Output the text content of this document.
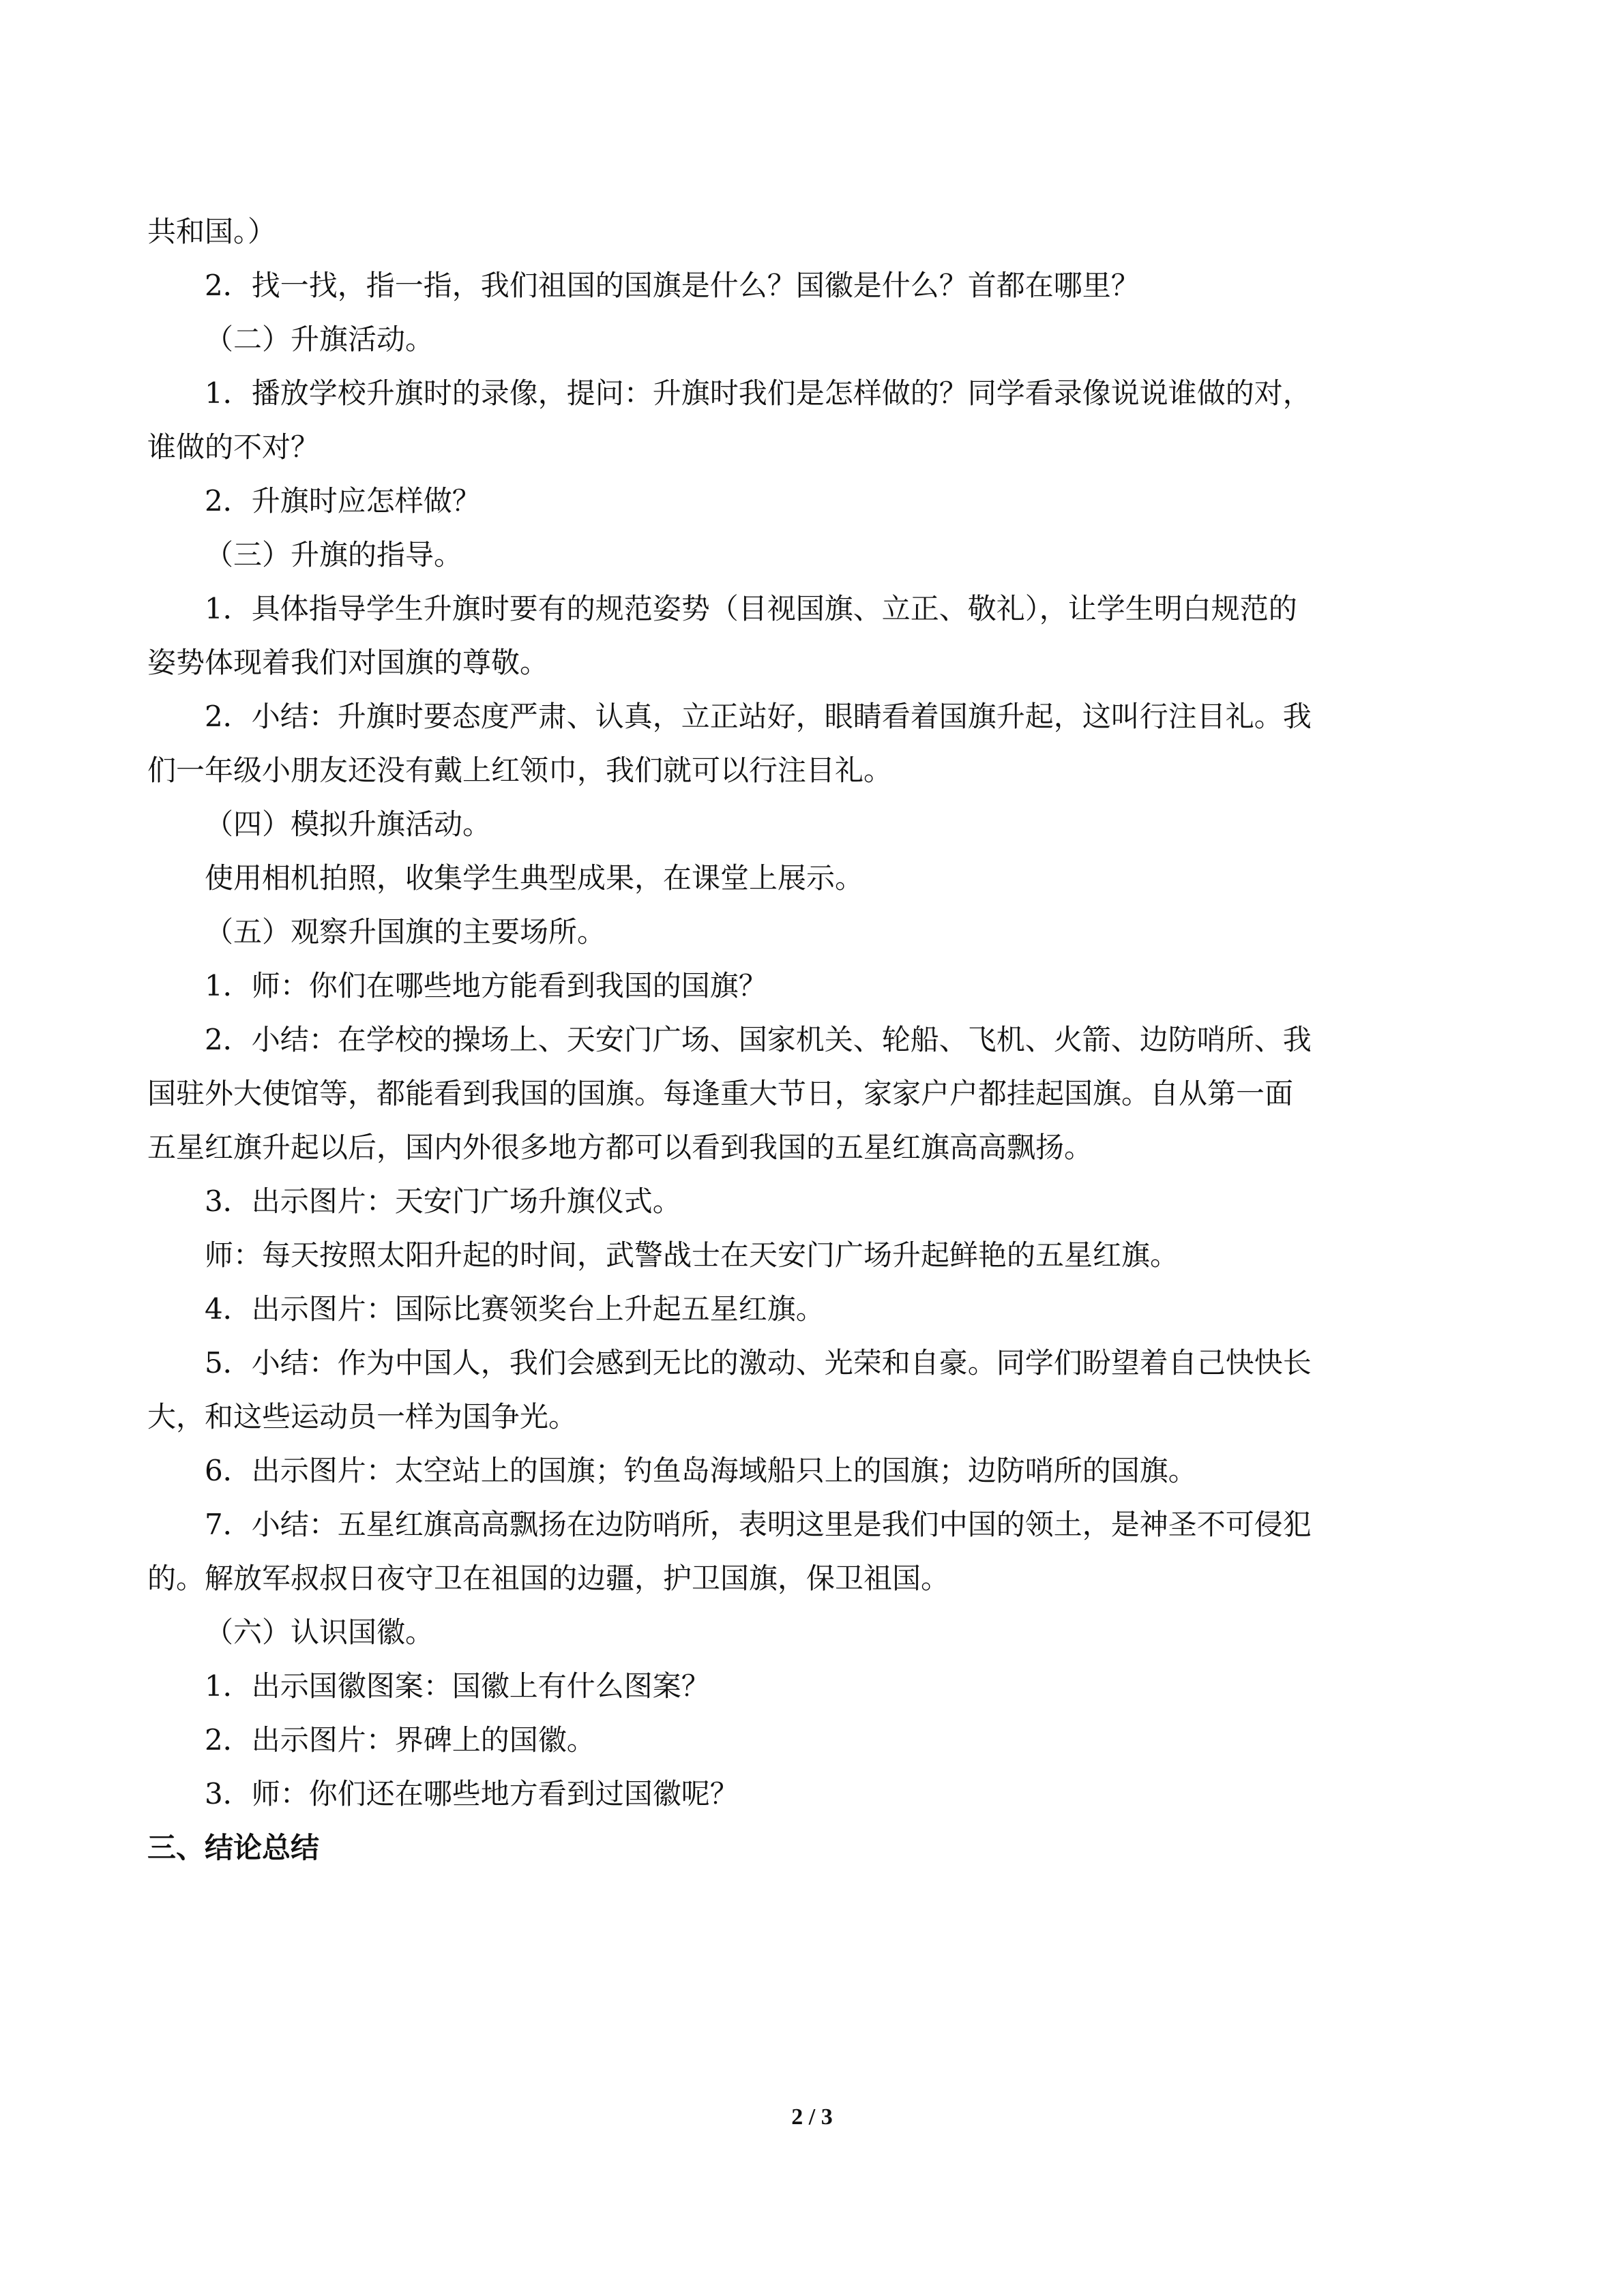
共和国。）
2．找一找，指一指，我们祖国的国旗是什么？国徽是什么？首都在哪里？
（二）升旗活动。
1．播放学校升旗时的录像，提问：升旗时我们是怎样做的？同学看录像说说谁做的对，
谁做的不对？
2．升旗时应怎样做？
（三）升旗的指导。
1．具体指导学生升旗时要有的规范姿势（目视国旗、立正、敬礼），让学生明白规范的
姿势体现着我们对国旗的尊敬。
2．小结：升旗时要态度严肃、认真，立正站好，眼睛看着国旗升起，这叫行注目礼。我
们一年级小朋友还没有戴上红领巾，我们就可以行注目礼。
（四）模拟升旗活动。
使用相机拍照，收集学生典型成果，在课堂上展示。
（五）观察升国旗的主要场所。
1．师：你们在哪些地方能看到我国的国旗？
2．小结：在学校的操场上、天安门广场、国家机关、轮船、飞机、火箭、边防哨所、我
国驻外大使馆等，都能看到我国的国旗。每逢重大节日，家家户户都挂起国旗。自从第一面
五星红旗升起以后，国内外很多地方都可以看到我国的五星红旗高高飘扬。
3．出示图片：天安门广场升旗仪式。
师：每天按照太阳升起的时间，武警战士在天安门广场升起鲜艳的五星红旗。
4．出示图片：国际比赛领奖台上升起五星红旗。
5．小结：作为中国人，我们会感到无比的激动、光荣和自豪。同学们盼望着自己快快长
大，和这些运动员一样为国争光。
6．出示图片：太空站上的国旗；钓鱼岛海域船只上的国旗；边防哨所的国旗。
7．小结：五星红旗高高飘扬在边防哨所，表明这里是我们中国的领土，是神圣不可侵犯
的。解放军叔叔日夜守卫在祖国的边疆，护卫国旗，保卫祖国。
（六）认识国徽。
1．出示国徽图案：国徽上有什么图案？
2．出示图片：界碑上的国徽。
3．师：你们还在哪些地方看到过国徽呢？
三、结论总结
2 / 3
